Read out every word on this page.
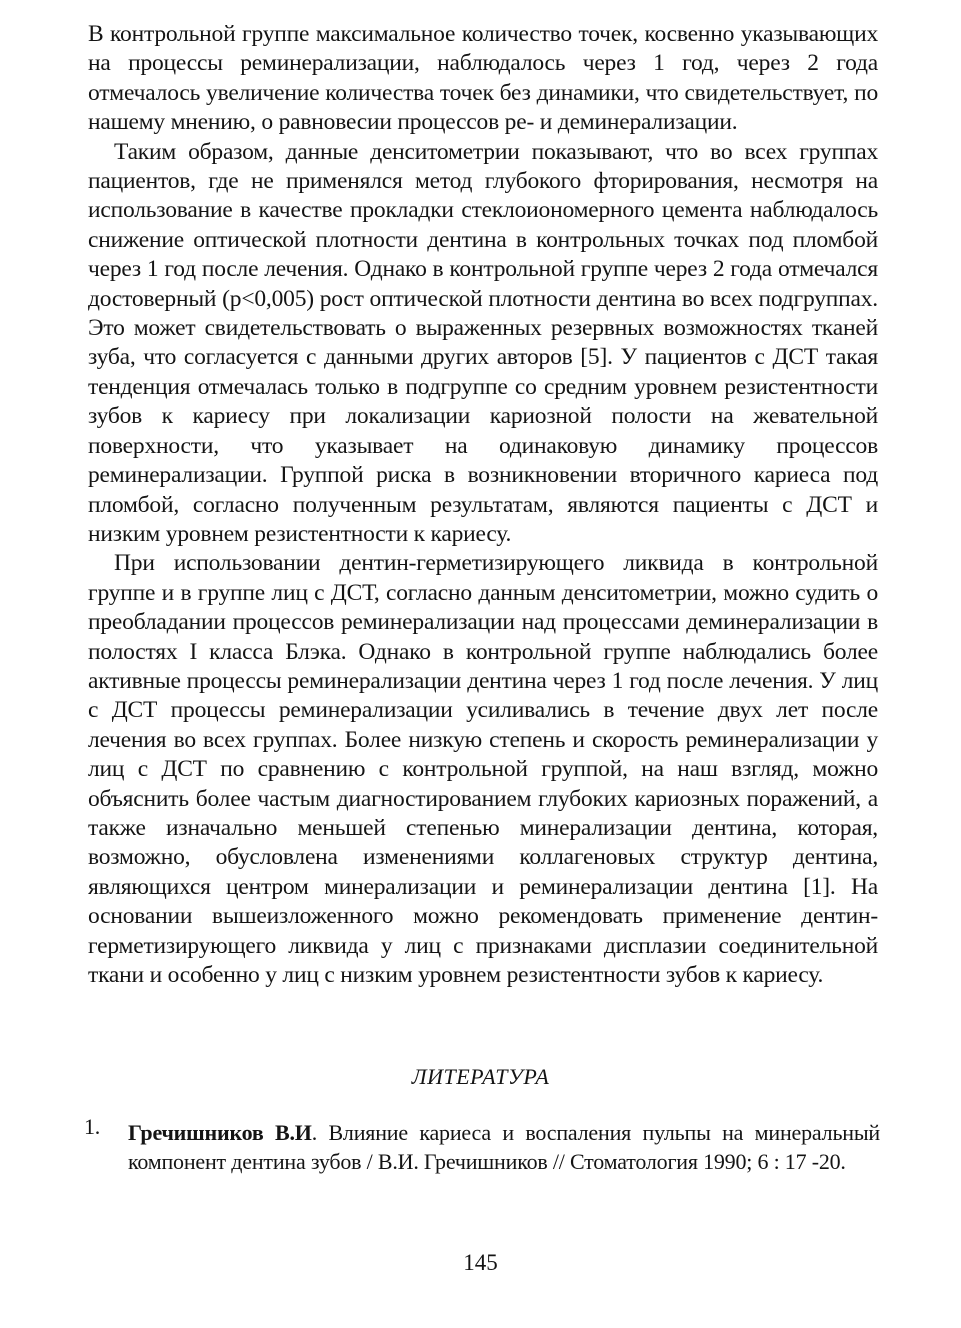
В контрольной группе максимальное количество точек, косвенно указывающих на процессы реминерализации, наблюдалось через 1 год, через 2 года отмечалось увеличение количества точек без динамики, что свидетельствует, по нашему мнению, о равновесии процессов ре- и деминерализации.

Таким образом, данные денситометрии показывают, что во всех группах пациентов, где не применялся метод глубокого фторирования, несмотря на использование в качестве прокладки стеклоиономерного цемента наблюдалось снижение оптической плотности дентина в контрольных точках под пломбой через 1 год после лечения. Однако в контрольной группе через 2 года отмечался достоверный (р<0,005) рост оптической плотности дентина во всех подгруппах. Это может свидетельствовать о выраженных резервных возможностях тканей зуба, что согласуется с данными других авторов [5]. У пациентов с ДСТ такая тенденция отмечалась только в подгруппе со средним уровнем резистентности зубов к кариесу при локализации кариозной полости на жевательной поверхности, что указывает на одинаковую динамику процессов реминерализации. Группой риска в возникновении вторичного кариеса под пломбой, согласно полученным результатам, являются пациенты с ДСТ и низким уровнем резистентности к кариесу.

При использовании дентин-герметизирующего ликвида в контрольной группе и в группе лиц с ДСТ, согласно данным денситометрии, можно судить о преобладании процессов реминерализации над процессами деминерализации в полостях I класса Блэка. Однако в контрольной группе наблюдались более активные процессы реминерализации дентина через 1 год после лечения. У лиц с ДСТ процессы реминерализации усиливались в течение двух лет после лечения во всех группах. Более низкую степень и скорость реминерализации у лиц с ДСТ по сравнению с контрольной группой, на наш взгляд, можно объяснить более частым диагностированием глубоких кариозных поражений, а также изначально меньшей степенью минерализации дентина, которая, возможно, обусловлена изменениями коллагеновых структур дентина, являющихся центром минерализации и реминерализации дентина [1]. На основании вышеизложенного можно рекомендовать применение дентин-герметизирующего ликвида у лиц с признаками дисплазии соединительной ткани и особенно у лиц с низким уровнем резистентности зубов к кариесу.

ЛИТЕРАТУРА
1. Гречишников В.И. Влияние кариеса и воспаления пульпы на минеральный компонент дентина зубов / В.И. Гречишников // Стоматология 1990; 6 : 17 -20.
145
